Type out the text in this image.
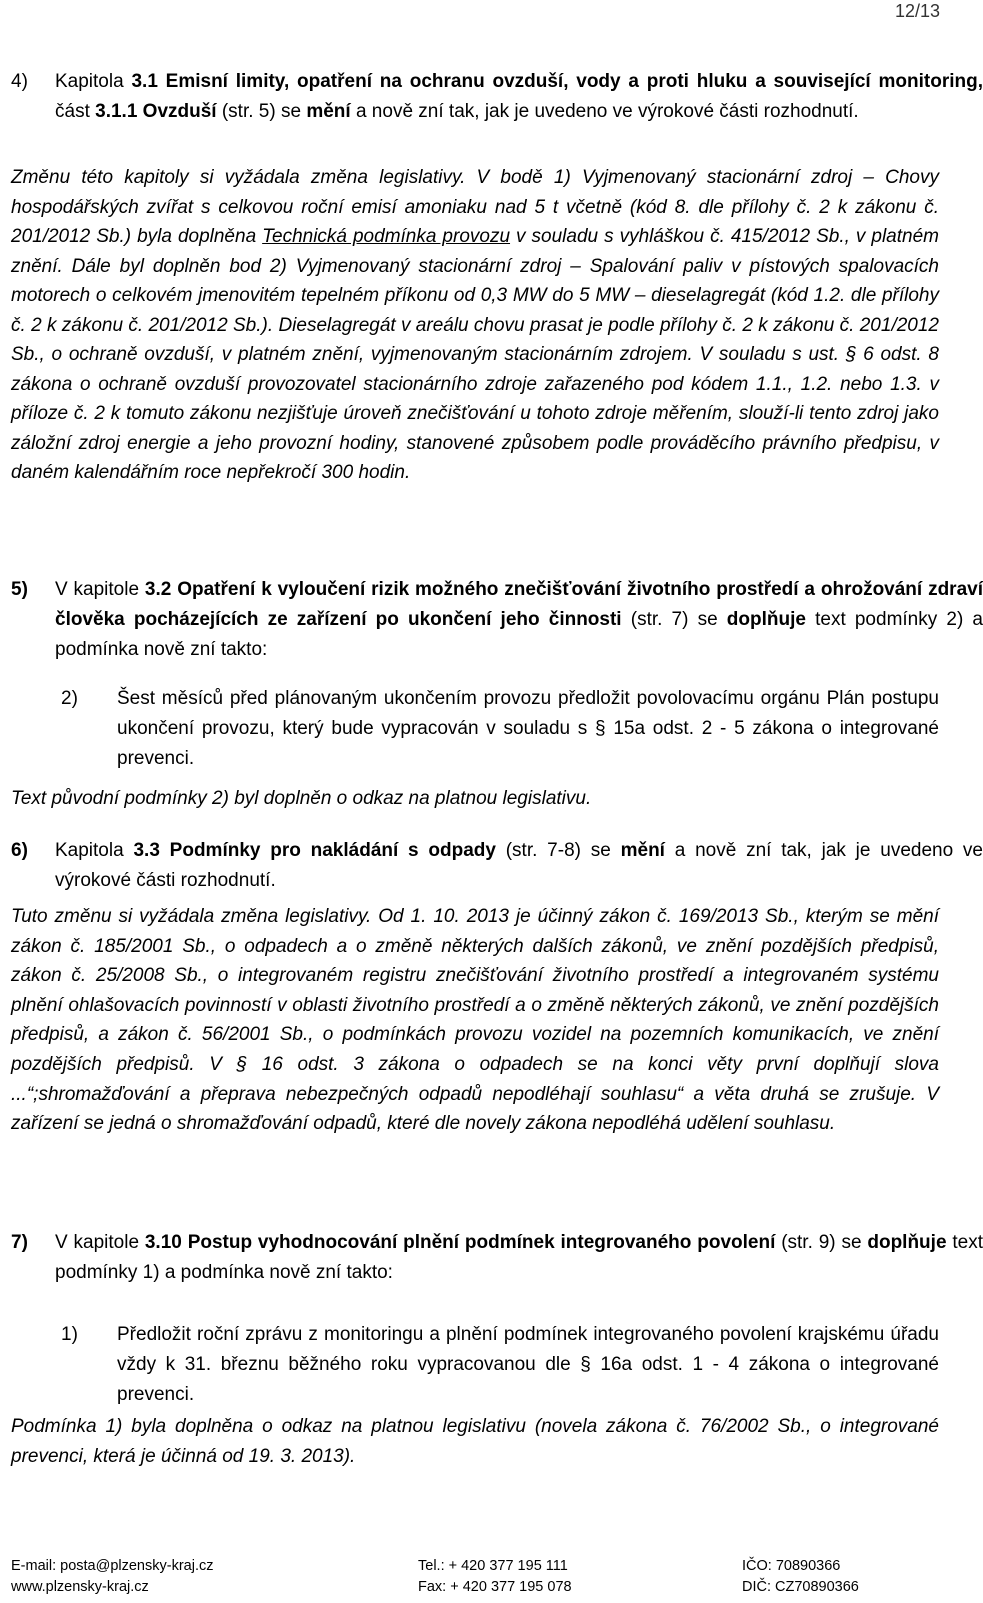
12/13
4) Kapitola 3.1 Emisní limity, opatření na ochranu ovzduší, vody a proti hluku a související monitoring, část 3.1.1 Ovzduší (str. 5) se mění a nově zní tak, jak je uvedeno ve výrokové části rozhodnutí.
Změnu této kapitoly si vyžádala změna legislativy. V bodě 1) Vyjmenovaný stacionární zdroj – Chovy hospodářských zvířat s celkovou roční emisí amoniaku nad 5 t včetně (kód 8. dle přílohy č. 2 k zákonu č. 201/2012 Sb.) byla doplněna Technická podmínka provozu v souladu s vyhláškou č. 415/2012 Sb., v platném znění. Dále byl doplněn bod 2) Vyjmenovaný stacionární zdroj – Spalování paliv v pístových spalovacích motorech o celkovém jmenovitém tepelném příkonu od 0,3 MW do 5 MW – dieselagregát (kód 1.2. dle přílohy č. 2 k zákonu č. 201/2012 Sb.). Dieselagregát v areálu chovu prasat je podle přílohy č. 2 k zákonu č. 201/2012 Sb., o ochraně ovzduší, v platném znění, vyjmenovaným stacionárním zdrojem. V souladu s ust. § 6 odst. 8 zákona o ochraně ovzduší provozovatel stacionárního zdroje zařazeného pod kódem 1.1., 1.2. nebo 1.3. v příloze č. 2 k tomuto zákonu nezjišťuje úroveň znečišťování u tohoto zdroje měřením, slouží-li tento zdroj jako záložní zdroj energie a jeho provozní hodiny, stanovené způsobem podle prováděcího právního předpisu, v daném kalendářním roce nepřekročí 300 hodin.
5) V kapitole 3.2 Opatření k vyloučení rizik možného znečišťování životního prostředí a ohrožování zdraví člověka pocházejících ze zařízení po ukončení jeho činnosti (str. 7) se doplňuje text podmínky 2) a podmínka nově zní takto:
2) Šest měsíců před plánovaným ukončením provozu předložit povolovacímu orgánu Plán postupu ukončení provozu, který bude vypracován v souladu s § 15a odst. 2 - 5 zákona o integrované prevenci.
Text původní podmínky 2) byl doplněn o odkaz na platnou legislativu.
6) Kapitola 3.3 Podmínky pro nakládání s odpady (str. 7-8) se mění a nově zní tak, jak je uvedeno ve výrokové části rozhodnutí.
Tuto změnu si vyžádala změna legislativy. Od 1. 10. 2013 je účinný zákon č. 169/2013 Sb., kterým se mění zákon č. 185/2001 Sb., o odpadech a o změně některých dalších zákonů, ve znění pozdějších předpisů, zákon č. 25/2008 Sb., o integrovaném registru znečišťování životního prostředí a integrovaném systému plnění ohlašovacích povinností v oblasti životního prostředí a o změně některých zákonů, ve znění pozdějších předpisů, a zákon č. 56/2001 Sb., o podmínkách provozu vozidel na pozemních komunikacích, ve znění pozdějších předpisů. V § 16 odst. 3 zákona o odpadech se na konci věty první doplňují slova ...“;shromažďování a přeprava nebezpečných odpadů nepodléhají souhlasu“ a věta druhá se zrušuje. V zařízení se jedná o shromažďování odpadů, které dle novely zákona nepodléhá udělení souhlasu.
7) V kapitole 3.10 Postup vyhodnocování plnění podmínek integrovaného povolení (str. 9) se doplňuje text podmínky 1) a podmínka nově zní takto:
1) Předložit roční zprávu z monitoringu a plnění podmínek integrovaného povolení krajskému úřadu vždy k 31. březnu běžného roku vypracovanou dle § 16a odst. 1 - 4 zákona o integrované prevenci.
Podmínka 1) byla doplněna o odkaz na platnou legislativu (novela zákona č. 76/2002 Sb., o integrované prevenci, která je účinná od 19. 3. 2013).
E-mail: posta@plzensky-kraj.cz
www.plzensky-kraj.cz
Tel.: + 420 377 195 111
Fax: + 420 377 195 078
IČO: 70890366
DIČ: CZ70890366
